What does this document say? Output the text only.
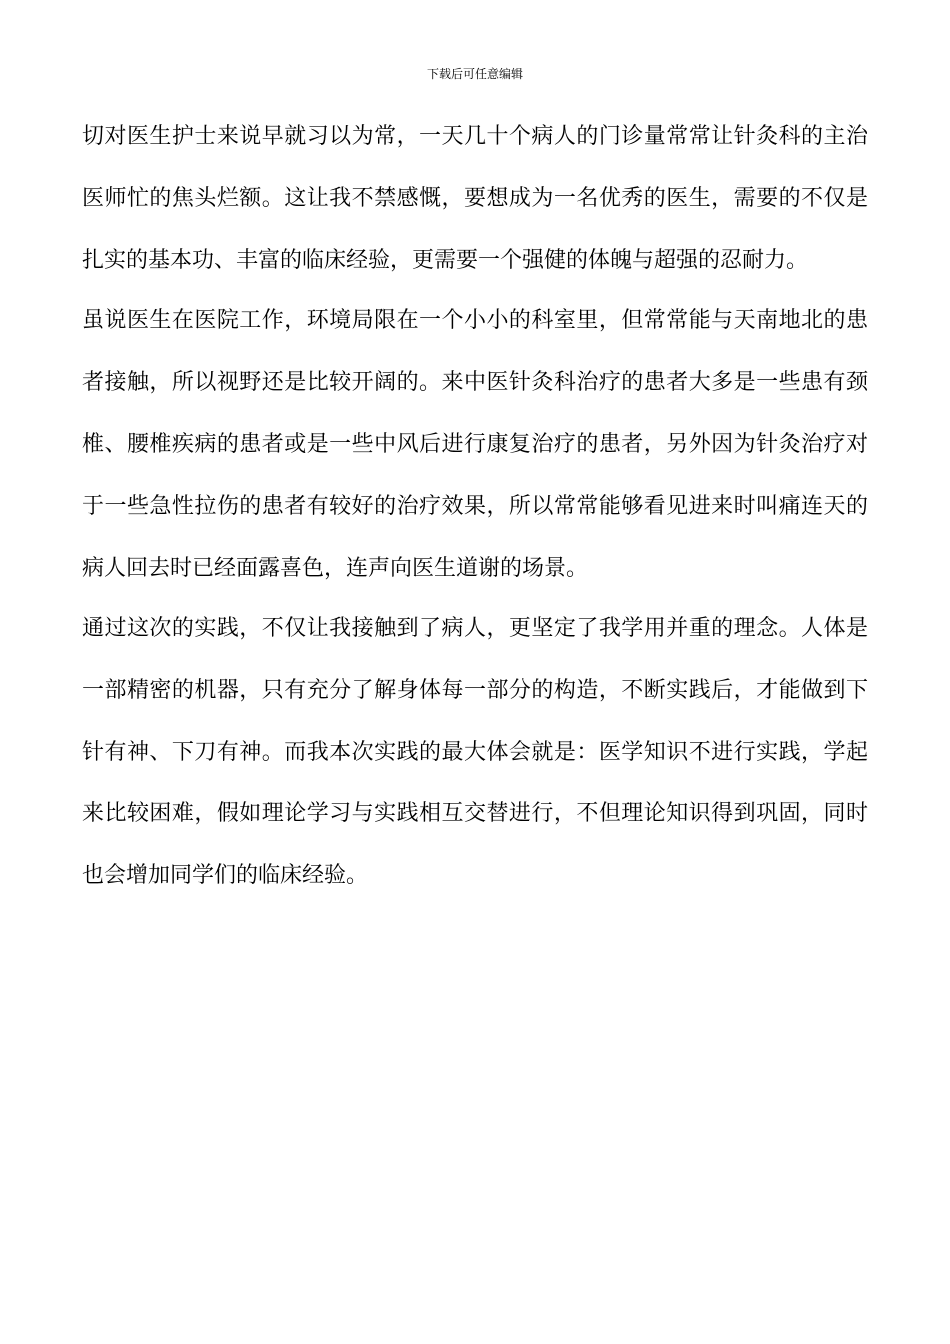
下载后可任意编辑
切对医生护士来说早就习以为常，一天几十个病人的门诊量常常让针灸科的主治
医师忙的焦头烂额。这让我不禁感慨，要想成为一名优秀的医生，需要的不仅是
扎实的基本功、丰富的临床经验，更需要一个强健的体魄与超强的忍耐力。
虽说医生在医院工作，环境局限在一个小小的科室里，但常常能与天南地北的患
者接触，所以视野还是比较开阔的。来中医针灸科治疗的患者大多是一些患有颈
椎、腰椎疾病的患者或是一些中风后进行康复治疗的患者，另外因为针灸治疗对
于一些急性拉伤的患者有较好的治疗效果，所以常常能够看见进来时叫痛连天的
病人回去时已经面露喜色，连声向医生道谢的场景。
通过这次的实践，不仅让我接触到了病人，更坚定了我学用并重的理念。人体是
一部精密的机器，只有充分了解身体每一部分的构造，不断实践后，才能做到下
针有神、下刀有神。而我本次实践的最大体会就是：医学知识不进行实践，学起
来比较困难，假如理论学习与实践相互交替进行，不但理论知识得到巩固，同时
也会增加同学们的临床经验。
